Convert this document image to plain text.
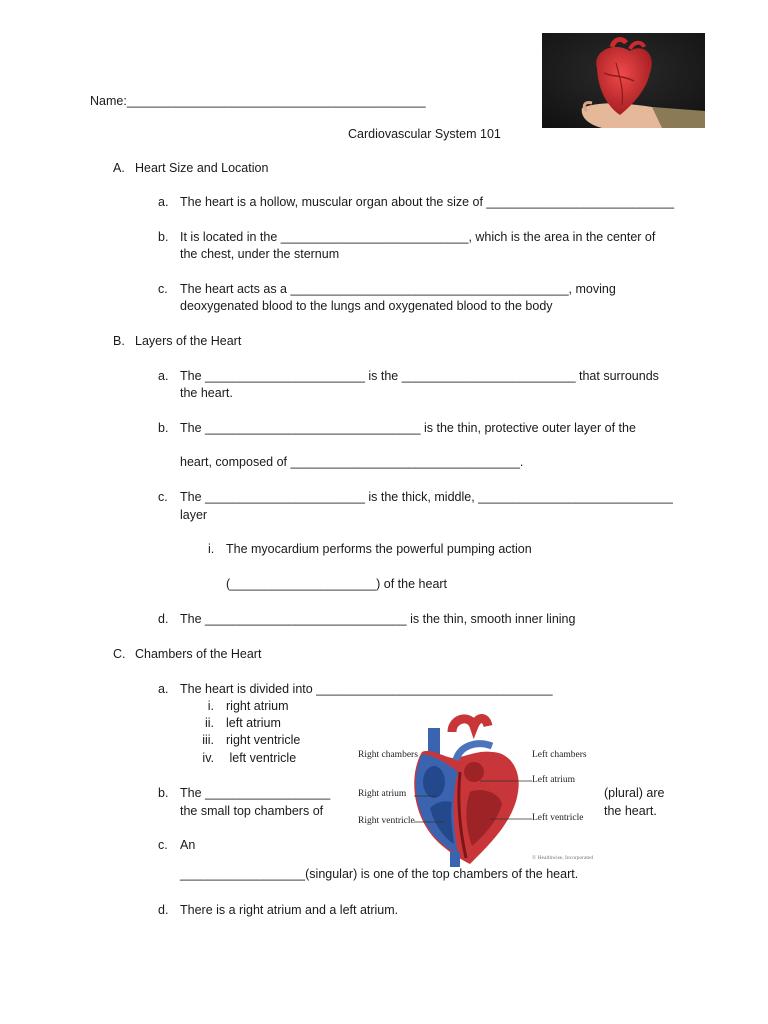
Name:___________________________________________
Cardiovascular System 101
A. Heart Size and Location
a. The heart is a hollow, muscular organ about the size of ___________________________
b. It is located in the ___________________________, which is the area in the center of
the chest, under the sternum
c. The heart acts as a ________________________________________, moving
deoxygenated blood to the lungs and oxygenated blood to the body
B. Layers of the Heart
a. The _______________________ is the _________________________ that surrounds
the heart.
b. The _______________________________ is the thin, protective outer layer of the
heart, composed of _________________________________.
c. The _______________________ is the thick, middle, ____________________________
layer
i. The myocardium performs the powerful pumping action
(_____________________) of the heart
d. The _____________________________ is the thin, smooth inner lining
C. Chambers of the Heart
a. The heart is divided into __________________________________
i. right atrium
ii. left atrium
iii. right ventricle
iv. left ventricle
b. The __________________	(plural) are
the small top chambers of	the heart.
c. An
__________________(singular) is one of the top chambers of the heart.
d. There is a right atrium and a left atrium.
Right chambers	Left chambers
Left atrium
Right atrium
Left ventricle
Right ventricle
© Healthwise, Incorporated
